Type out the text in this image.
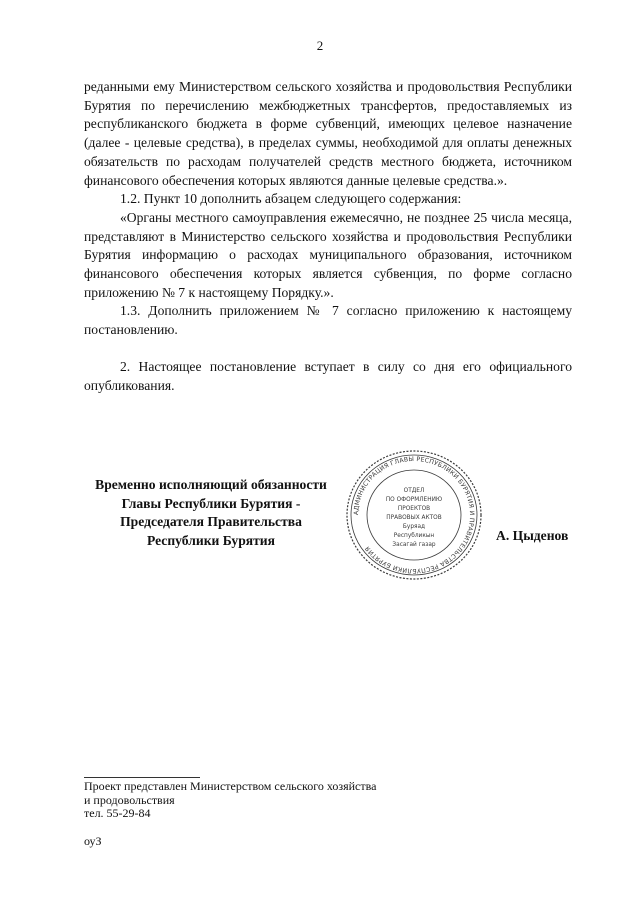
2

реданными ему Министерством сельского хозяйства и продовольствия Республики Бурятия по перечислению межбюджетных трансфертов, предоставляемых из республиканского бюджета в форме субвенций, имеющих целевое назначение (далее - целевые средства), в пределах суммы, необходимой для оплаты денежных обязательств по расходам получателей средств местного бюджета, источником финансового обеспечения которых являются данные целевые средства.».

1.2. Пункт 10 дополнить абзацем следующего содержания:

«Органы местного самоуправления ежемесячно, не позднее 25 числа месяца, представляют в Министерство сельского хозяйства и продовольствия Республики Бурятия информацию о расходах муниципального образования, источником финансового обеспечения которых является субвенция, по форме согласно приложению № 7 к настоящему Порядку.».

1.3. Дополнить приложением № 7 согласно приложению к настоящему постановлению.

2. Настоящее постановление вступает в силу со дня его официального опубликования.

Временно исполняющий обязанности
Главы Республики Бурятия -
Председателя Правительства
Республики Бурятия
АДМИНИСТРАЦИЯ ГЛАВЫ РЕСПУБЛИКИ БУРЯТИЯ И ПРАВИТЕЛЬСТВА РЕСПУБЛИКИ БУРЯТИЯ
ОТДЕЛ
ПО ОФОРМЛЕНИЮ
ПРОЕКТОВ
ПРАВОВЫХ АКТОВ
Буряад
Республикын
Засагай газар
А. Цыденов
Проект представлен Министерством сельского хозяйства
и продовольствия
тел. 55-29-84
оуЗ
